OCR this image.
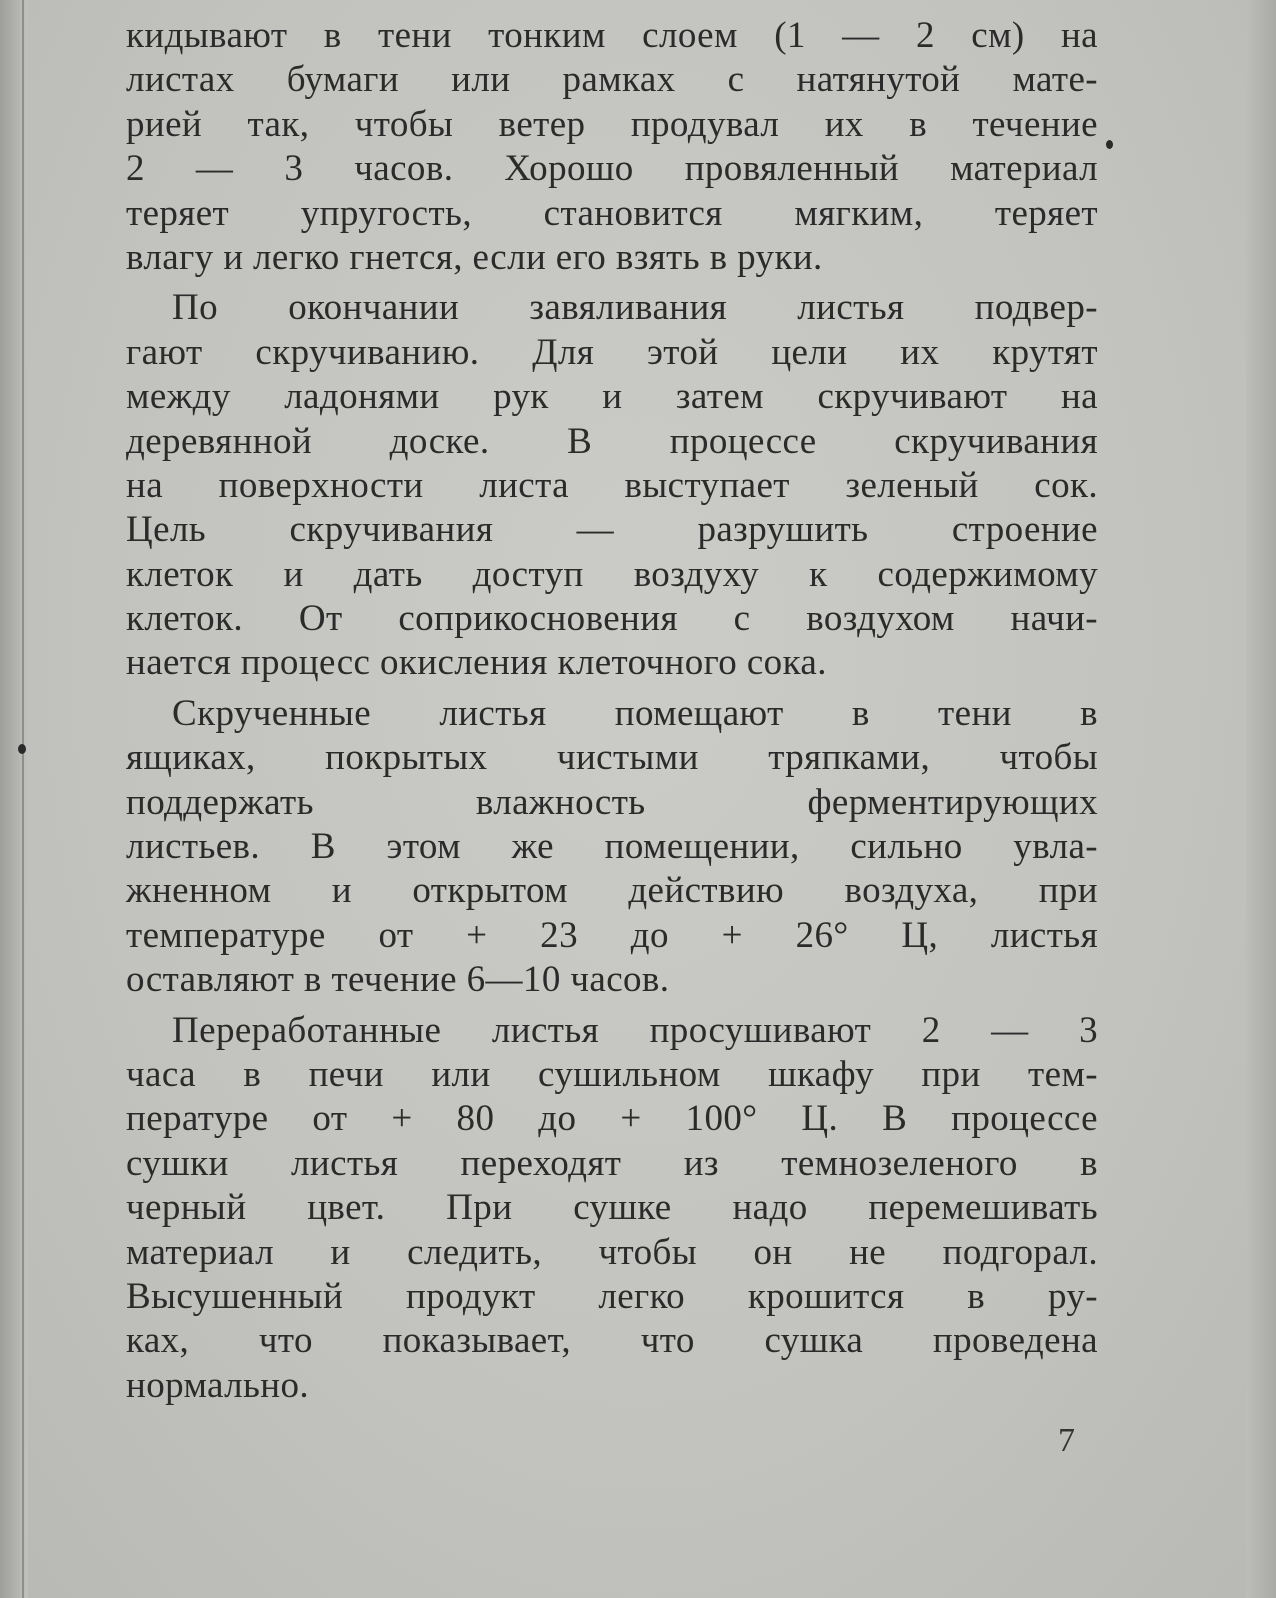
кидывают в тени тонким слоем (1 — 2 см) на
листах бумаги или рамках с натянутой мате-
рией так, чтобы ветер продувал их в течение
2 — 3 часов. Хорошо провяленный материал
теряет упругость, становится мягким, теряет
влагу и легко гнется, если его взять в руки.
По окончании завяливания листья подвер-
гают скручиванию. Для этой цели их крутят
между ладонями рук и затем скручивают на
деревянной доске. В процессе скручивания
на поверхности листа выступает зеленый сок.
Цель скручивания — разрушить строение
клеток и дать доступ воздуху к содержимому
клеток. От соприкосновения с воздухом начи-
нается процесс окисления клеточного сока.
Скрученные листья помещают в тени в
ящиках, покрытых чистыми тряпками, чтобы
поддержать влажность ферментирующих
листьев. В этом же помещении, сильно увла-
жненном и открытом действию воздуха, при
температуре от + 23 до + 26° Ц, листья
оставляют в течение 6—10 часов.
Переработанные листья просушивают 2 — 3
часа в печи или сушильном шкафу при тем-
пературе от + 80 до + 100° Ц. В процессе
сушки листья переходят из темнозеленого в
черный цвет. При сушке надо перемешивать
материал и следить, чтобы он не подгорал.
Высушенный продукт легко крошится в ру-
ках, что показывает, что сушка проведена
нормально.
7
